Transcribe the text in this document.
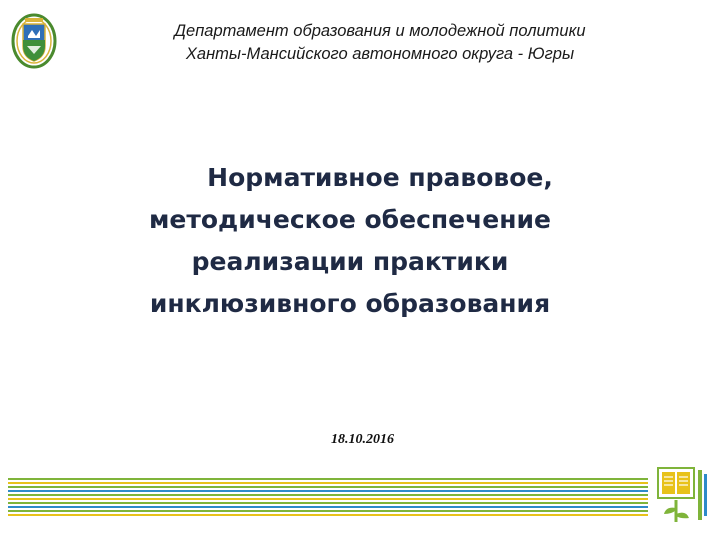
Департамент образования и молодежной политики
Ханты-Мансийского автономного округа - Югры
Нормативное правовое,
методическое обеспечение
реализации практики
инклюзивного образования
18.10.2016
